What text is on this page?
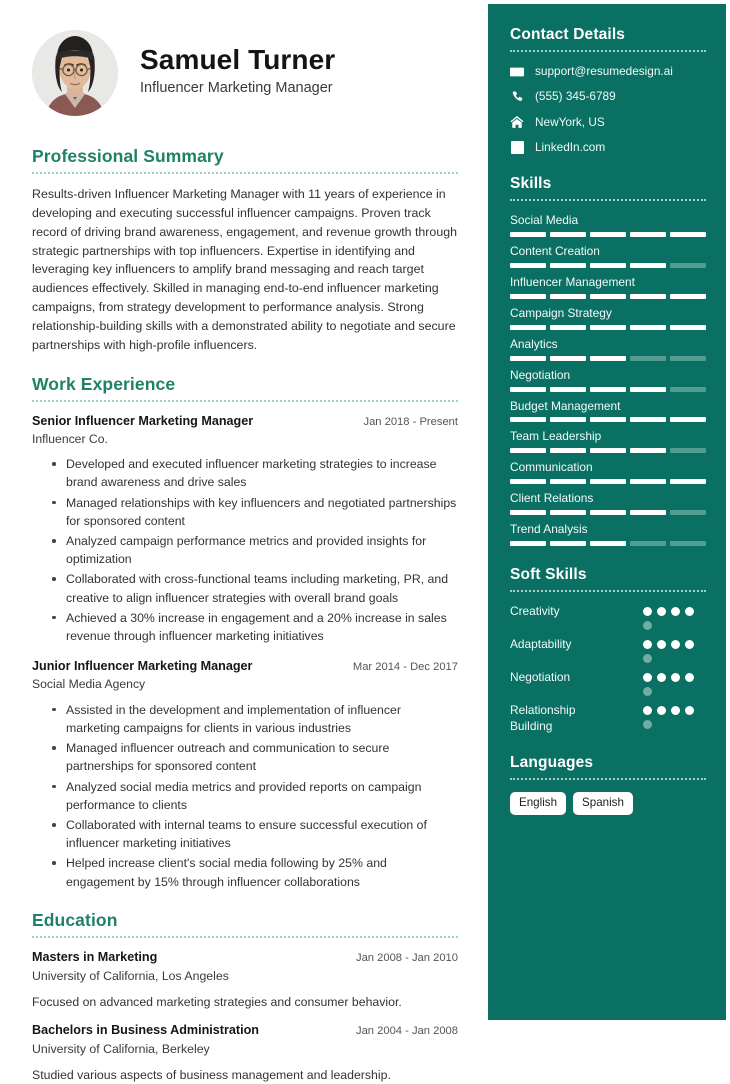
Samuel Turner
Influencer Marketing Manager
Professional Summary

Results-driven Influencer Marketing Manager with 11 years of experience in developing and executing successful influencer campaigns. Proven track record of driving brand awareness, engagement, and revenue growth through strategic partnerships with top influencers. Expertise in identifying and leveraging key influencers to amplify brand messaging and reach target audiences effectively. Skilled in managing end-to-end influencer marketing campaigns, from strategy development to performance analysis. Strong relationship-building skills with a demonstrated ability to negotiate and secure partnerships with high-profile influencers.

Work Experience
Senior Influencer Marketing Manager	Jan 2018 - Present
Influencer Co.
Developed and executed influencer marketing strategies to increase brand awareness and drive sales
Managed relationships with key influencers and negotiated partnerships for sponsored content
Analyzed campaign performance metrics and provided insights for optimization
Collaborated with cross-functional teams including marketing, PR, and creative to align influencer strategies with overall brand goals
Achieved a 30% increase in engagement and a 20% increase in sales revenue through influencer marketing initiatives
Junior Influencer Marketing Manager	Mar 2014 - Dec 2017
Social Media Agency
Assisted in the development and implementation of influencer marketing campaigns for clients in various industries
Managed influencer outreach and communication to secure partnerships for sponsored content
Analyzed social media metrics and provided reports on campaign performance to clients
Collaborated with internal teams to ensure successful execution of influencer marketing initiatives
Helped increase client's social media following by 25% and engagement by 15% through influencer collaborations
Education
Masters in Marketing	Jan 2008 - Jan 2010
University of California, Los Angeles
Focused on advanced marketing strategies and consumer behavior.
Bachelors in Business Administration	Jan 2004 - Jan 2008
University of California, Berkeley
Studied various aspects of business management and leadership.
Contact Details
support@resumedesign.ai
(555) 345-6789
NewYork, US
LinkedIn.com
Skills
Social Media
Content Creation
Influencer Management
Campaign Strategy
Analytics
Negotiation
Budget Management
Team Leadership
Communication
Client Relations
Trend Analysis
Soft Skills
Creativity
Adaptability
Negotiation
Relationship Building
Languages
English	Spanish
